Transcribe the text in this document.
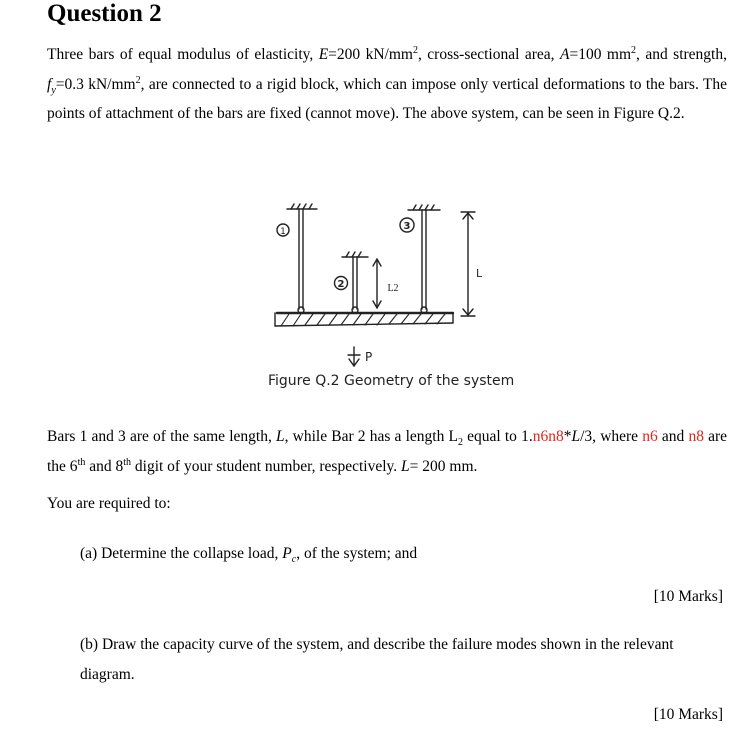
Question 2

Three bars of equal modulus of elasticity, E=200 $kN/mm^2$, cross-sectional area, A=100 $mm^2$, and strength, $f_y=0.3$ $kN/mm^2$, are connected to a rigid block, which can impose only vertical deformations to the bars. The points of attachment of the bars are fixed (cannot move). The above system, can be seen in Figure Q.2.

1
2
3
L2
L
P

Figure Q.2 Geometry of the system

Bars 1 and 3 are of the same length, L, while Bar 2 has a length $L_2$ equal to 1.n6n8*L/3, where n6 and n8 are the 6th and 8th digit of your student number, respectively. L= 200 mm.

You are required to:

(a) Determine the collapse load, $P_c$, of the system; and

[10 Marks]

(b) Draw the capacity curve of the system, and describe the failure modes shown in the relevant diagram.

[10 Marks]
